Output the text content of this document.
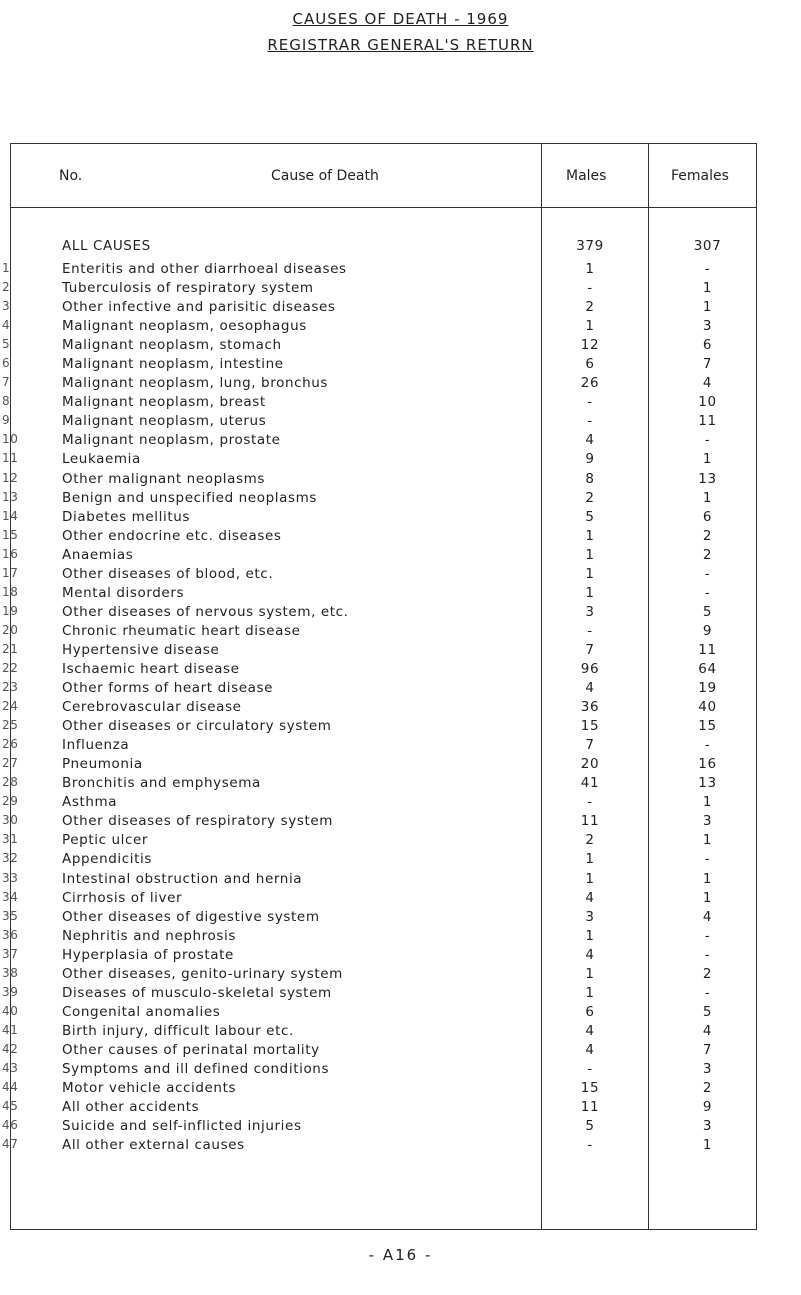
CAUSES OF DEATH - 1969
REGISTRAR GENERAL'S RETURN
No.	Cause of Death	Males	Females
ALL CAUSES	379	307
1	Enteritis and other diarrhoeal diseases	1	-
2	Tuberculosis of respiratory system	-	1
3	Other infective and parisitic diseases	2	1
4	Malignant neoplasm, oesophagus	1	3
5	Malignant neoplasm, stomach	12	6
6	Malignant neoplasm, intestine	6	7
7	Malignant neoplasm, lung, bronchus	26	4
8	Malignant neoplasm, breast	-	10
9	Malignant neoplasm, uterus	-	11
10	Malignant neoplasm, prostate	4	-
11	Leukaemia	9	1
12	Other malignant neoplasms	8	13
13	Benign and unspecified neoplasms	2	1
14	Diabetes mellitus	5	6
15	Other endocrine etc. diseases	1	2
16	Anaemias	1	2
17	Other diseases of blood, etc.	1	-
18	Mental disorders	1	-
19	Other diseases of nervous system, etc.	3	5
20	Chronic rheumatic heart disease	-	9
21	Hypertensive disease	7	11
22	Ischaemic heart disease	96	64
23	Other forms of heart disease	4	19
24	Cerebrovascular disease	36	40
25	Other diseases or circulatory system	15	15
26	Influenza	7	-
27	Pneumonia	20	16
28	Bronchitis and emphysema	41	13
29	Asthma	-	1
30	Other diseases of respiratory system	11	3
31	Peptic ulcer	2	1
32	Appendicitis	1	-
33	Intestinal obstruction and hernia	1	1
34	Cirrhosis of liver	4	1
35	Other diseases of digestive system	3	4
36	Nephritis and nephrosis	1	-
37	Hyperplasia of prostate	4	-
38	Other diseases, genito-urinary system	1	2
39	Diseases of musculo-skeletal system	1	-
40	Congenital anomalies	6	5
41	Birth injury, difficult labour etc.	4	4
42	Other causes of perinatal mortality	4	7
43	Symptoms and ill defined conditions	-	3
44	Motor vehicle accidents	15	2
45	All other accidents	11	9
46	Suicide and self-inflicted injuries	5	3
47	All other external causes	-	1
- A16 -
